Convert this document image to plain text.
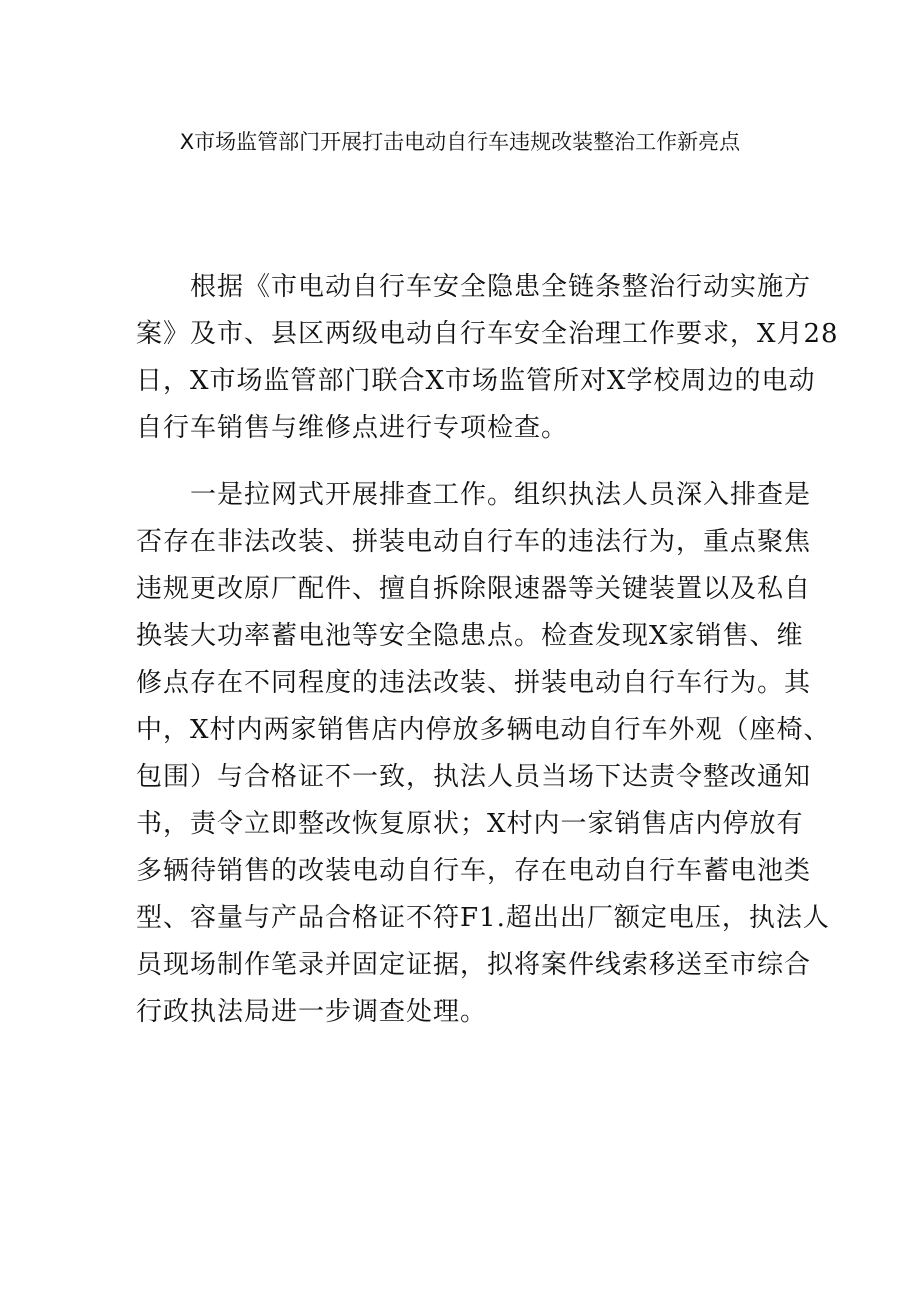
X市场监管部门开展打击电动自行车违规改装整治工作新亮点
根据《市电动自行车安全隐患全链条整治行动实施方
案》及市、县区两级电动自行车安全治理工作要求，X月28
日，X市场监管部门联合X市场监管所对X学校周边的电动
自行车销售与维修点进行专项检查。
一是拉网式开展排查工作。组织执法人员深入排查是
否存在非法改装、拼装电动自行车的违法行为，重点聚焦
违规更改原厂配件、擅自拆除限速器等关键装置以及私自
换装大功率蓄电池等安全隐患点。检查发现X家销售、维
修点存在不同程度的违法改装、拼装电动自行车行为。其
中，X村内两家销售店内停放多辆电动自行车外观（座椅、
包围）与合格证不一致，执法人员当场下达责令整改通知
书，责令立即整改恢复原状；X村内一家销售店内停放有
多辆待销售的改装电动自行车，存在电动自行车蓄电池类
型、容量与产品合格证不符F1.超出出厂额定电压，执法人
员现场制作笔录并固定证据，拟将案件线索移送至市综合
行政执法局进一步调查处理。
